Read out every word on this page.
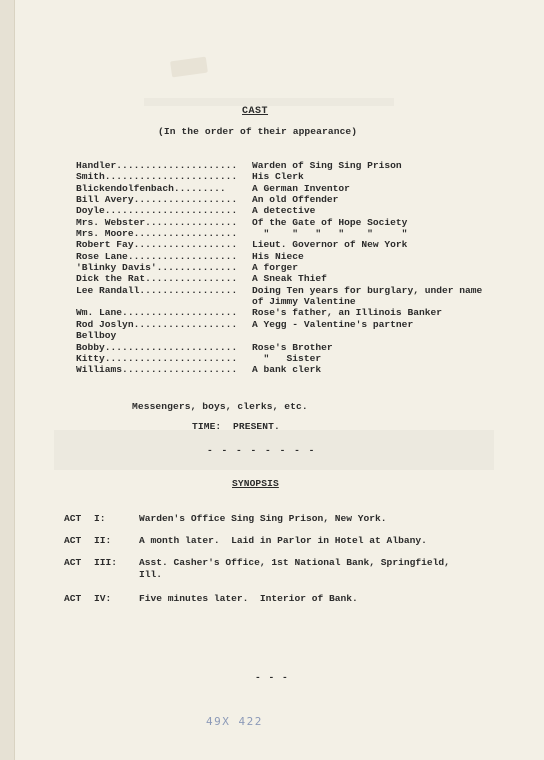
CAST
(In the order of their appearance)
Handler..................... Warden of Sing Sing Prison
Smith....................... His Clerk
Blickendolfenbach.........	A German Inventor
Bill Avery.................. An old Offender
Doyle....................... A detective
Mrs. Webster................ Of the Gate of Hope Society
Mrs. Moore.................. "    "   "   "    "     "
Robert Fay.................. Lieut. Governor of New York
Rose Lane................... His Niece
'Blinky Davis'.............. A forger
Dick the Rat................ A Sneak Thief
Lee Randall................. Doing Ten years for burglary, under name
of Jimmy Valentine
Wm. Lane.................... Rose's father, an Illinois Banker
Rod Joslyn.................. A Yegg - Valentine's partner
Bellboy
Bobby....................... Rose's Brother
Kitty....................... "   Sister
Williams.................... A bank clerk
Messengers, boys, clerks, etc.
TIME:  PRESENT.
- - - - - - - -
SYNOPSIS
ACT I:	Warden's Office Sing Sing Prison, New York.
ACT II:	A month later.  Laid in Parlor in Hotel at Albany.
ACT III: Asst. Casher's Office, 1st National Bank, Springfield,
Ill.
ACT IV:	Five minutes later.  Interior of Bank.
- - -
49X 422
